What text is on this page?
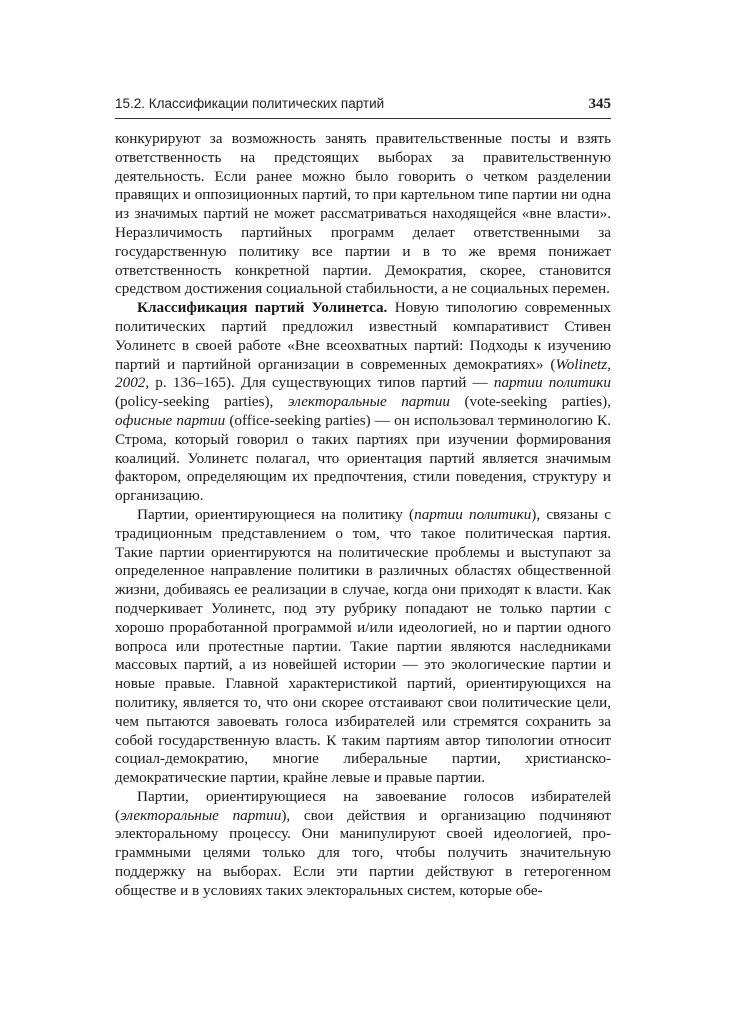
15.2. Классификации политических партий	345

конкурируют за возможность занять правительственные посты и взять ответственность на предстоящих выборах за правительственную деятельность. Если ранее можно было говорить о четком разделении правящих и оппозиционных партий, то при картельном типе партии ни одна из значимых партий не может рассматриваться находящейся «вне власти». Неразличимость партийных программ делает ответственными за государственную политику все партии и в то же время понижает ответственность конкретной партии. Демократия, скорее, становится средством достижения социальной стабильности, а не социальных перемен.

Классификация партий Уолинетса. Новую типологию современных политических партий предложил известный компаративист Стивен Уолинетс в своей работе «Вне всеохватных партий: Подходы к изучению партий и партийной организации в современных демократиях» (Wolinetz, 2002, p. 136–165). Для существующих типов партий — партии политики (policy-seeking parties), электоральные партии (vote-seeking parties), офисные партии (office-seeking parties) — он использовал терминологию К. Строма, который говорил о таких партиях при изучении формирования коалиций. Уолинетс полагал, что ориентация партий является значимым фактором, определяющим их предпочтения, стили поведения, структуру и организацию.

Партии, ориентирующиеся на политику (партии политики), связаны с традиционным представлением о том, что такое политическая партия. Такие партии ориентируются на политические проблемы и выступают за определенное направление политики в различных областях общественной жизни, добиваясь ее реализации в случае, когда они приходят к власти. Как подчеркивает Уолинетс, под эту рубрику попадают не только партии с хорошо проработанной программой и/или идеологией, но и партии одного вопроса или протестные партии. Такие партии являются наследниками массовых партий, а из новейшей истории — это экологические партии и новые правые. Главной характеристикой партий, ориентирующихся на политику, является то, что они скорее отстаивают свои политические цели, чем пытаются завоевать голоса избирателей или стремятся сохранить за собой государственную власть. К таким партиям автор типологии относит социал-демократию, многие либеральные партии, христианско-демократические партии, крайне левые и правые партии.

Партии, ориентирующиеся на завоевание голосов избирателей (электоральные партии), свои действия и организацию подчиняют электоральному процессу. Они манипулируют своей идеологией, программными целями только для того, чтобы получить значительную поддержку на выборах. Если эти партии действуют в гетерогенном обществе и в условиях таких электоральных систем, которые обе-
